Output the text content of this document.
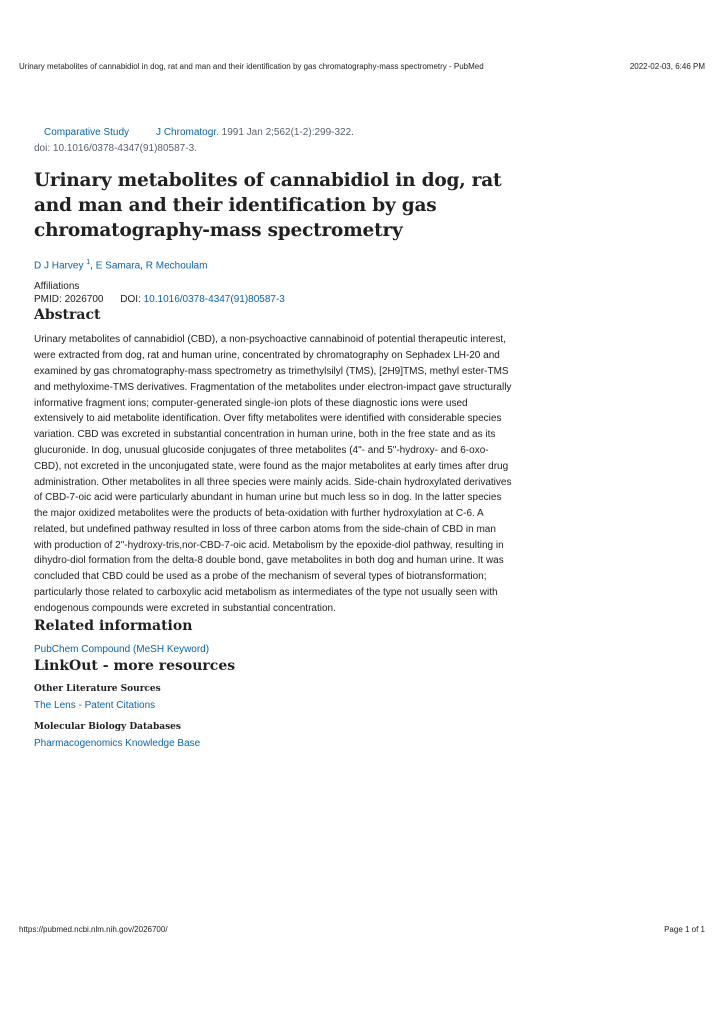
Urinary metabolites of cannabidiol in dog, rat and man and their identification by gas chromatography-mass spectrometry - PubMed	2022-02-03, 6:46 PM
Comparative Study	J Chromatogr. 1991 Jan 2;562(1-2):299-322.
doi: 10.1016/0378-4347(91)80587-3.
Urinary metabolites of cannabidiol in dog, rat and man and their identification by gas chromatography-mass spectrometry
D J Harvey $^1$, E Samara, R Mechoulam
Affiliations
PMID: 2026700 DOI: 10.1016/0378-4347(91)80587-3
Abstract
Urinary metabolites of cannabidiol (CBD), a non-psychoactive cannabinoid of potential therapeutic interest, were extracted from dog, rat and human urine, concentrated by chromatography on Sephadex LH-20 and examined by gas chromatography-mass spectrometry as trimethylsilyl (TMS), [2H9]TMS, methyl ester-TMS and methyloxime-TMS derivatives. Fragmentation of the metabolites under electron-impact gave structurally informative fragment ions; computer-generated single-ion plots of these diagnostic ions were used extensively to aid metabolite identification. Over fifty metabolites were identified with considerable species variation. CBD was excreted in substantial concentration in human urine, both in the free state and as its glucuronide. In dog, unusual glucoside conjugates of three metabolites (4"- and 5"-hydroxy- and 6-oxo-CBD), not excreted in the unconjugated state, were found as the major metabolites at early times after drug administration. Other metabolites in all three species were mainly acids. Side-chain hydroxylated derivatives of CBD-7-oic acid were particularly abundant in human urine but much less so in dog. In the latter species the major oxidized metabolites were the products of beta-oxidation with further hydroxylation at C-6. A related, but undefined pathway resulted in loss of three carbon atoms from the side-chain of CBD in man with production of 2"-hydroxy-tris,nor-CBD-7-oic acid. Metabolism by the epoxide-diol pathway, resulting in dihydro-diol formation from the delta-8 double bond, gave metabolites in both dog and human urine. It was concluded that CBD could be used as a probe of the mechanism of several types of biotransformation; particularly those related to carboxylic acid metabolism as intermediates of the type not usually seen with endogenous compounds were excreted in substantial concentration.
Related information
PubChem Compound (MeSH Keyword)
LinkOut - more resources
Other Literature Sources
The Lens - Patent Citations
Molecular Biology Databases
Pharmacogenomics Knowledge Base
https://pubmed.ncbi.nlm.nih.gov/2026700/	Page 1 of 1
